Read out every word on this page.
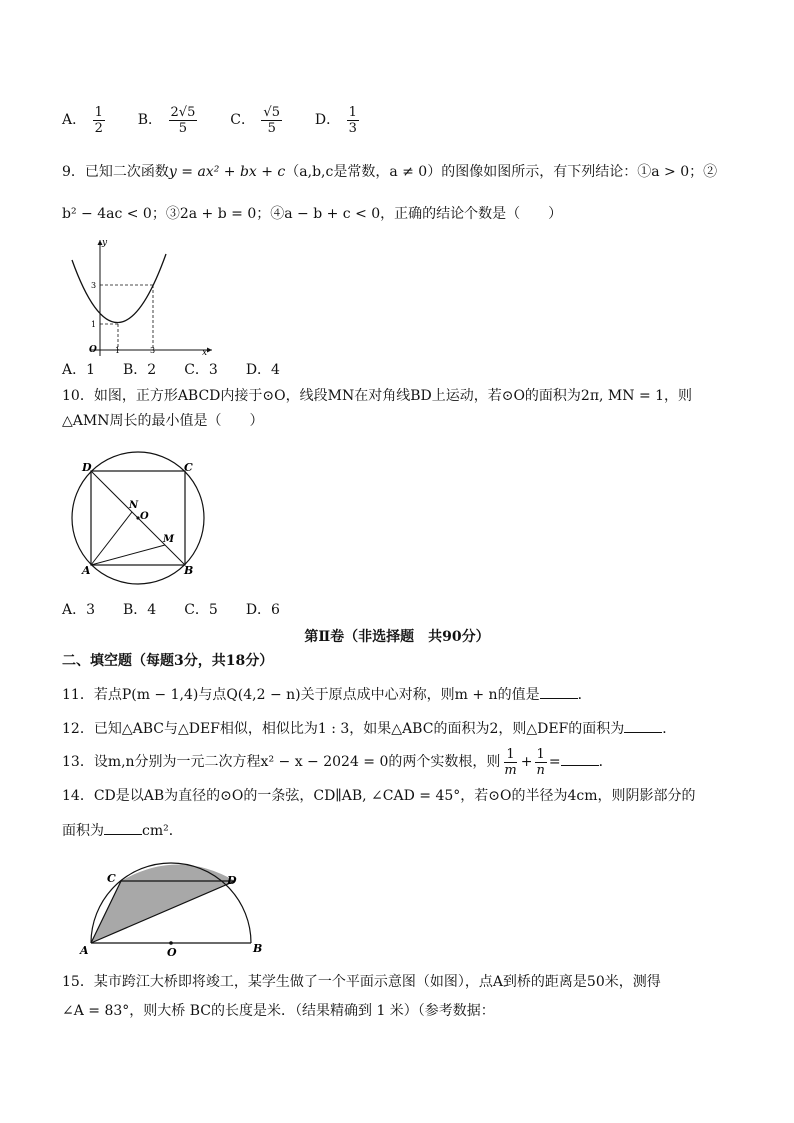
A． $\frac{1}{2}$ B． $\frac{2√5}{5}$ C． $\frac{√5}{5}$ D． $\frac{1}{3}$
9．已知二次函数y = ax² + bx + c（a,b,c是常数，a ≠ 0）的图像如图所示，有下列结论：①a > 0；②
b² − 4ac < 0；③2a + b = 0；④a − b + c < 0，正确的结论个数是（　　）
y
x
O 1	3
1
3
A．1　　B．2　　C．3　　D．4
10．如图，正方形ABCD内接于⊙O，线段MN在对角线BD上运动，若⊙O的面积为2π, MN = 1，则
△AMN周长的最小值是（　　）
D	C
A	B
O
N
M
A．3　　B．4　　C．5　　D．6
第Ⅱ卷（非选择题　共90分）
二、填空题（每题3分，共18分）
11．若点P(m − 1,4)与点Q(4,2 − n)关于原点成中心对称，则m + n的值是	．
12．已知△ABC与△DEF相似，相似比为1 : 3，如果△ABC的面积为2，则△DEF的面积为	．
13．设m,n分别为一元二次方程x² − x − 2024 = 0的两个实数根，则 $\frac{1}{m} + \frac{1}{n}$ =	．
14．CD是以AB为直径的⊙O的一条弦，CD∥AB, ∠CAD = 45°，若⊙O的半径为4cm，则阴影部分的
面积为	cm²．
C	D
A	B
O
15．某市跨江大桥即将竣工，某学生做了一个平面示意图（如图），点A到桥的距离是50米，测得
∠A = 83°，则大桥 BC的长度是米．（结果精确到 1 米）（参考数据：
